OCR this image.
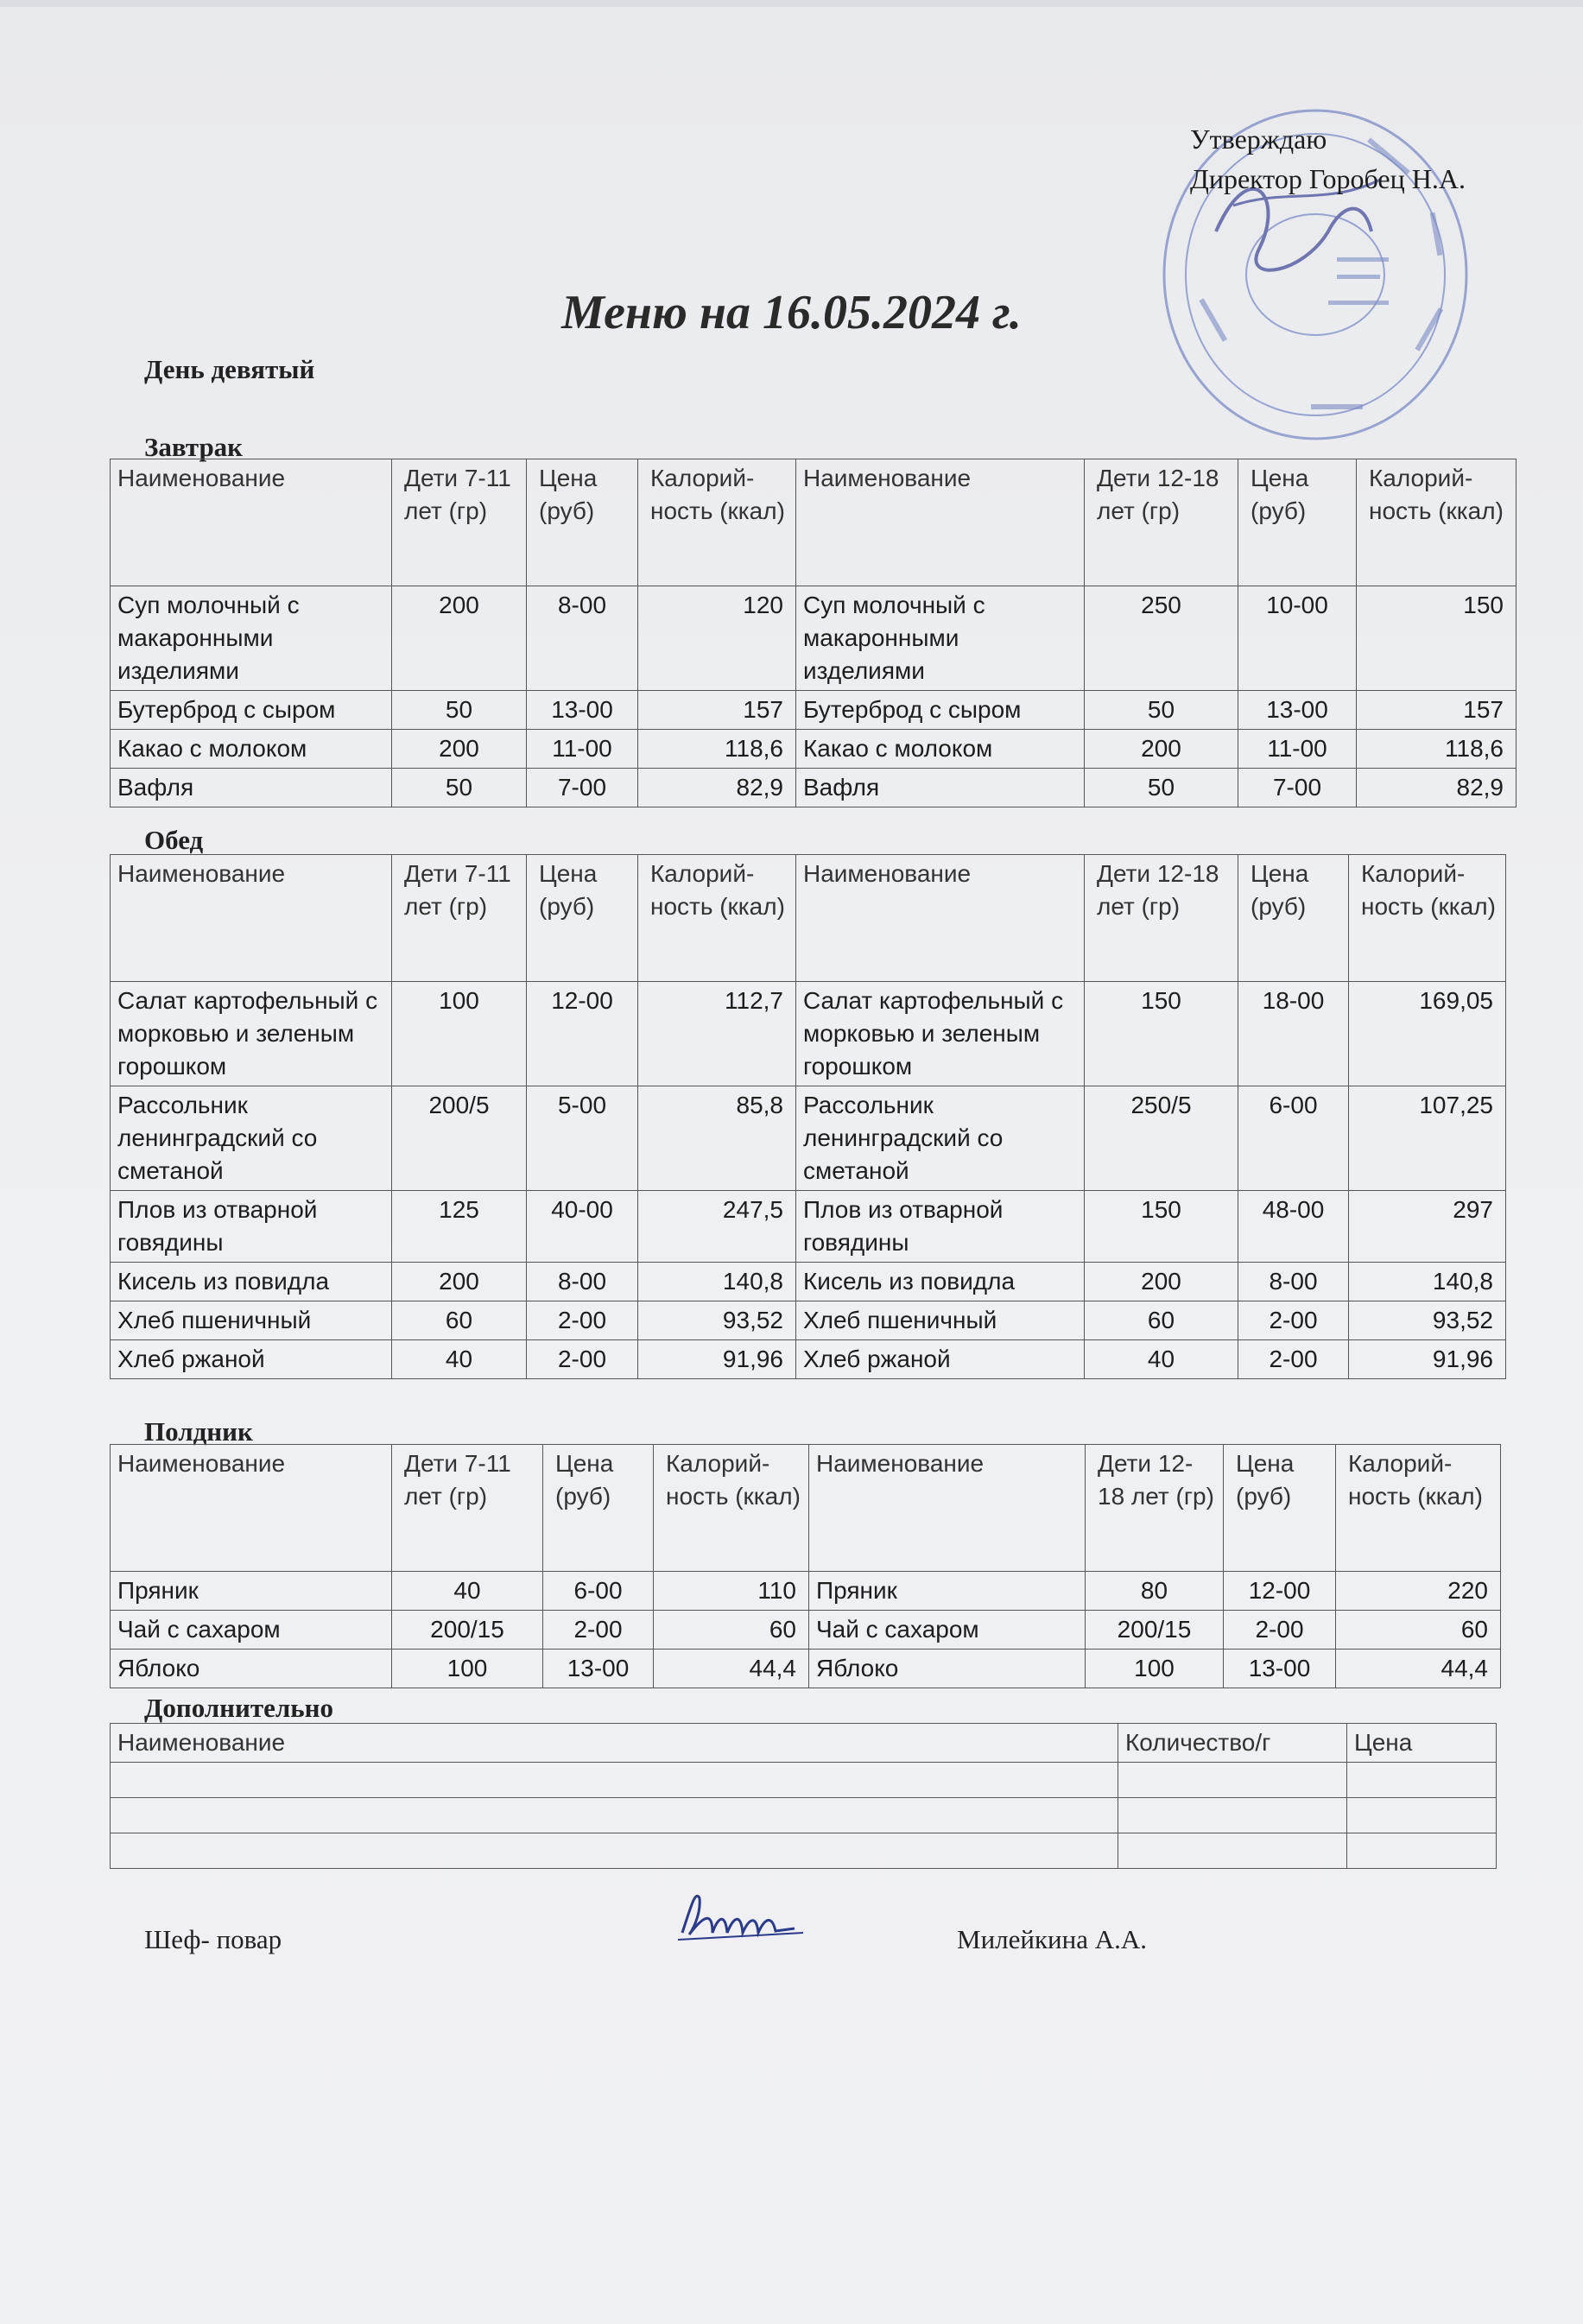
Утверждаю
Директор Горобец Н.А.
Меню на 16.05.2024 г.
День девятый
Завтрак
Наименование	Дети 7-11 лет (гр)	Цена (руб)	Калорий-ность (ккал)	Наименование	Дети 12-18 лет (гр)	Цена (руб)	Калорий-ность (ккал)
Суп молочный с макаронными изделиями	200	8-00	120	Суп молочный с макаронными изделиями	250	10-00	150
Бутерброд с сыром	50	13-00	157	Бутерброд с сыром	50	13-00	157
Какао с молоком	200	11-00	118,6	Какао с молоком	200	11-00	118,6
Вафля	50	7-00	82,9	Вафля	50	7-00	82,9
Обед
Наименование	Дети 7-11 лет (гр)	Цена (руб)	Калорий-ность (ккал)	Наименование	Дети 12-18 лет (гр)	Цена (руб)	Калорий-ность (ккал)
Салат картофельный с морковью и зеленым горошком	100	12-00	112,7	Салат картофельный с морковью и зеленым горошком	150	18-00	169,05
Рассольник ленинградский со сметаной	200/5	5-00	85,8	Рассольник ленинградский со сметаной	250/5	6-00	107,25
Плов из отварной говядины	125	40-00	247,5	Плов из отварной говядины	150	48-00	297
Кисель из повидла	200	8-00	140,8	Кисель из повидла	200	8-00	140,8
Хлеб пшеничный	60	2-00	93,52	Хлеб пшеничный	60	2-00	93,52
Хлеб ржаной	40	2-00	91,96	Хлеб ржаной	40	2-00	91,96
Полдник
Наименование	Дети 7-11 лет (гр)	Цена (руб)	Калорий-ность (ккал)	Наименование	Дети 12-18 лет (гр)	Цена (руб)	Калорий-ность (ккал)
Пряник	40	6-00	110	Пряник	80	12-00	220
Чай с сахаром	200/15	2-00	60	Чай с сахаром	200/15	2-00	60
Яблоко	100	13-00	44,4	Яблоко	100	13-00	44,4
Дополнительно
Наименование	Количество/г	Цена

Шеф- повар	Милейкина А.А.
